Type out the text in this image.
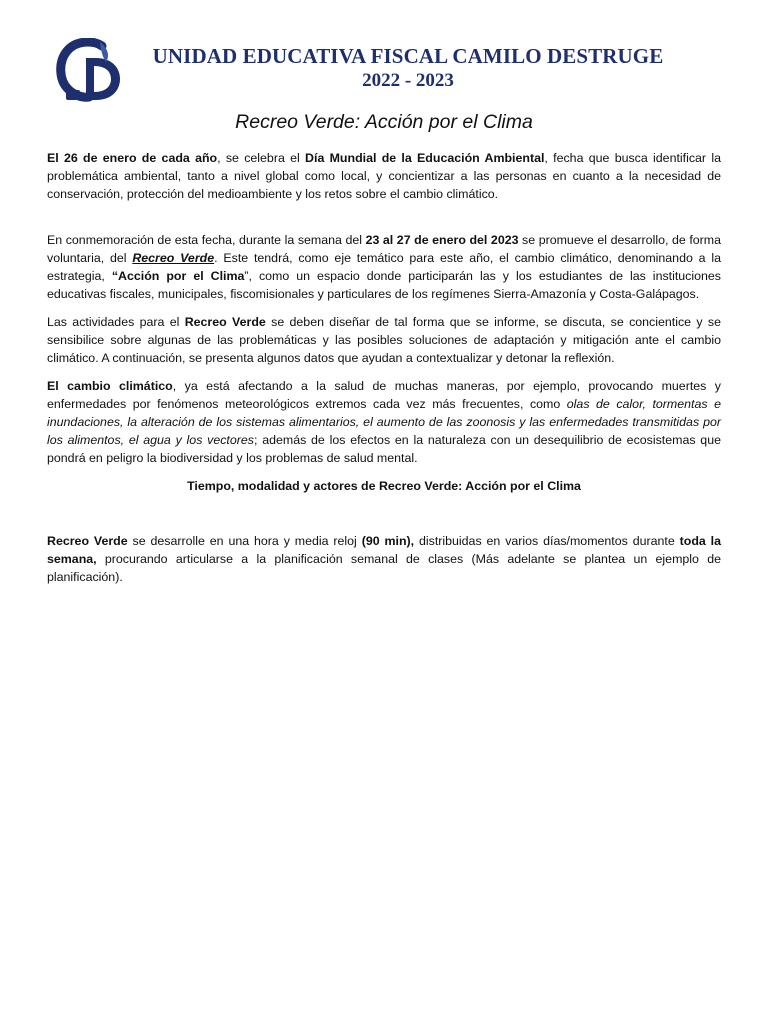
UNIDAD EDUCATIVA FISCAL CAMILO DESTRUGE
2022 - 2023
Recreo Verde: Acción por el Clima

El 26 de enero de cada año, se celebra el Día Mundial de la Educación Ambiental, fecha que busca identificar la problemática ambiental, tanto a nivel global como local, y concientizar a las personas en cuanto a la necesidad de conservación, protección del medioambiente y los retos sobre el cambio climático.

En conmemoración de esta fecha, durante la semana del 23 al 27 de enero del 2023 se promueve el desarrollo, de forma voluntaria, del Recreo Verde. Este tendrá, como eje temático para este año, el cambio climático, denominando a la estrategia, “Acción por el Clima”, como un espacio donde participarán las y los estudiantes de las instituciones educativas fiscales, municipales, fiscomisionales y particulares de los regímenes Sierra-Amazonía y Costa-Galápagos.

Las actividades para el Recreo Verde se deben diseñar de tal forma que se informe, se discuta, se concientice y se sensibilice sobre algunas de las problemáticas y las posibles soluciones de adaptación y mitigación ante el cambio climático. A continuación, se presenta algunos datos que ayudan a contextualizar y detonar la reflexión.

El cambio climático, ya está afectando a la salud de muchas maneras, por ejemplo, provocando muertes y enfermedades por fenómenos meteorológicos extremos cada vez más frecuentes, como olas de calor, tormentas e inundaciones, la alteración de los sistemas alimentarios, el aumento de las zoonosis y las enfermedades transmitidas por los alimentos, el agua y los vectores; además de los efectos en la naturaleza con un desequilibrio de ecosistemas que pondrá en peligro la biodiversidad y los problemas de salud mental.

Tiempo, modalidad y actores de Recreo Verde: Acción por el Clima

Recreo Verde se desarrolle en una hora y media reloj (90 min), distribuidas en varios días/momentos durante toda la semana, procurando articularse a la planificación semanal de clases (Más adelante se plantea un ejemplo de planificación).
